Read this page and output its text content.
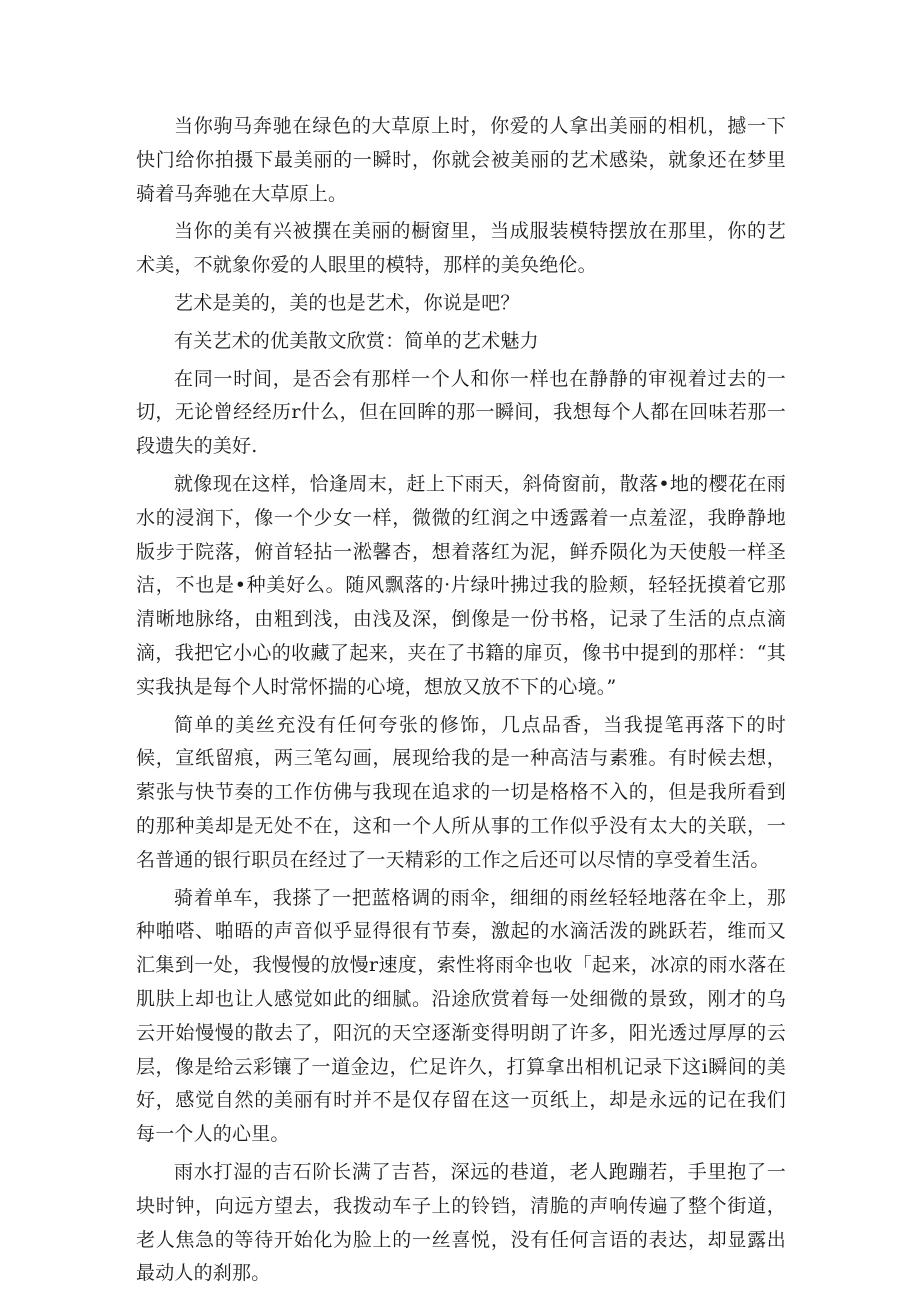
当你驹马奔驰在绿色的大草原上时，你爱的人拿出美丽的相机，撼一下快门给你拍摄下最美丽的一瞬时，你就会被美丽的艺术感染，就象还在梦里骑着马奔驰在大草原上。

当你的美有兴被撰在美丽的橱窗里，当成服装模特摆放在那里，你的艺术美，不就象你爱的人眼里的模特，那样的美奂绝伦。

艺术是美的，美的也是艺术，你说是吧？

有关艺术的优美散文欣赏：简单的艺术魅力

在同一时间，是否会有那样一个人和你一样也在静静的审视着过去的一切，无论曾经经历r什么，但在回眸的那一瞬间，我想每个人都在回味若那一段遗失的美好.

就像现在这样，恰逢周末，赶上下雨天，斜倚窗前，散落•地的樱花在雨水的浸润下，像一个少女一样，微微的红润之中透露着一点羞涩，我睁静地版步于院落，俯首轻拈一淞馨杏，想着落红为泥，鲜乔陨化为天使般一样圣洁，不也是•种美好么。随风飘落的·片绿叶拂过我的脸颊，轻轻抚摸着它那清晰地脉络，由粗到浅，由浅及深，倒像是一份书格，记录了生活的点点滴滴，我把它小心的收藏了起来，夹在了书籍的扉页，像书中提到的那样：“其实我执是每个人时常怀揣的心境，想放又放不下的心境。”

简单的美丝充没有任何夸张的修饰，几点品香，当我提笔再落下的时候，宣纸留痕，两三笔勾画，展现给我的是一种高洁与素雅。有时候去想，萦张与快节奏的工作仿佛与我现在追求的一切是格格不入的，但是我所看到的那种美却是无处不在，这和一个人所从事的工作似乎没有太大的关联，一名普通的银行职员在经过了一天精彩的工作之后还可以尽情的享受着生活。

骑着单车，我搽了一把蓝格调的雨伞，细细的雨丝轻轻地落在伞上，那种啪嗒、啪晤的声音似乎显得很有节奏，激起的水滴活泼的跳跃若，维而又汇集到一处，我慢慢的放慢r速度，索性将雨伞也收「起来，冰凉的雨水落在肌肤上却也让人感觉如此的细腻。沿途欣赏着每一处细微的景致，刚才的乌云开始慢慢的散去了，阳沉的天空逐渐变得明朗了许多，阳光透过厚厚的云层，像是给云彩镶了一道金边，伫足许久，打算拿出相机记录下这i瞬间的美好，感觉自然的美丽有时并不是仅存留在这一页纸上，却是永远的记在我们每一个人的心里。

雨水打湿的吉石阶长满了吉苔，深远的巷道，老人跑蹦若，手里抱了一块时钟，向远方望去，我拨动车子上的铃铛，清脆的声响传遍了整个街道，老人焦急的等待开始化为脸上的一丝喜悦，没有任何言语的表达，却显露出最动人的刹那。
